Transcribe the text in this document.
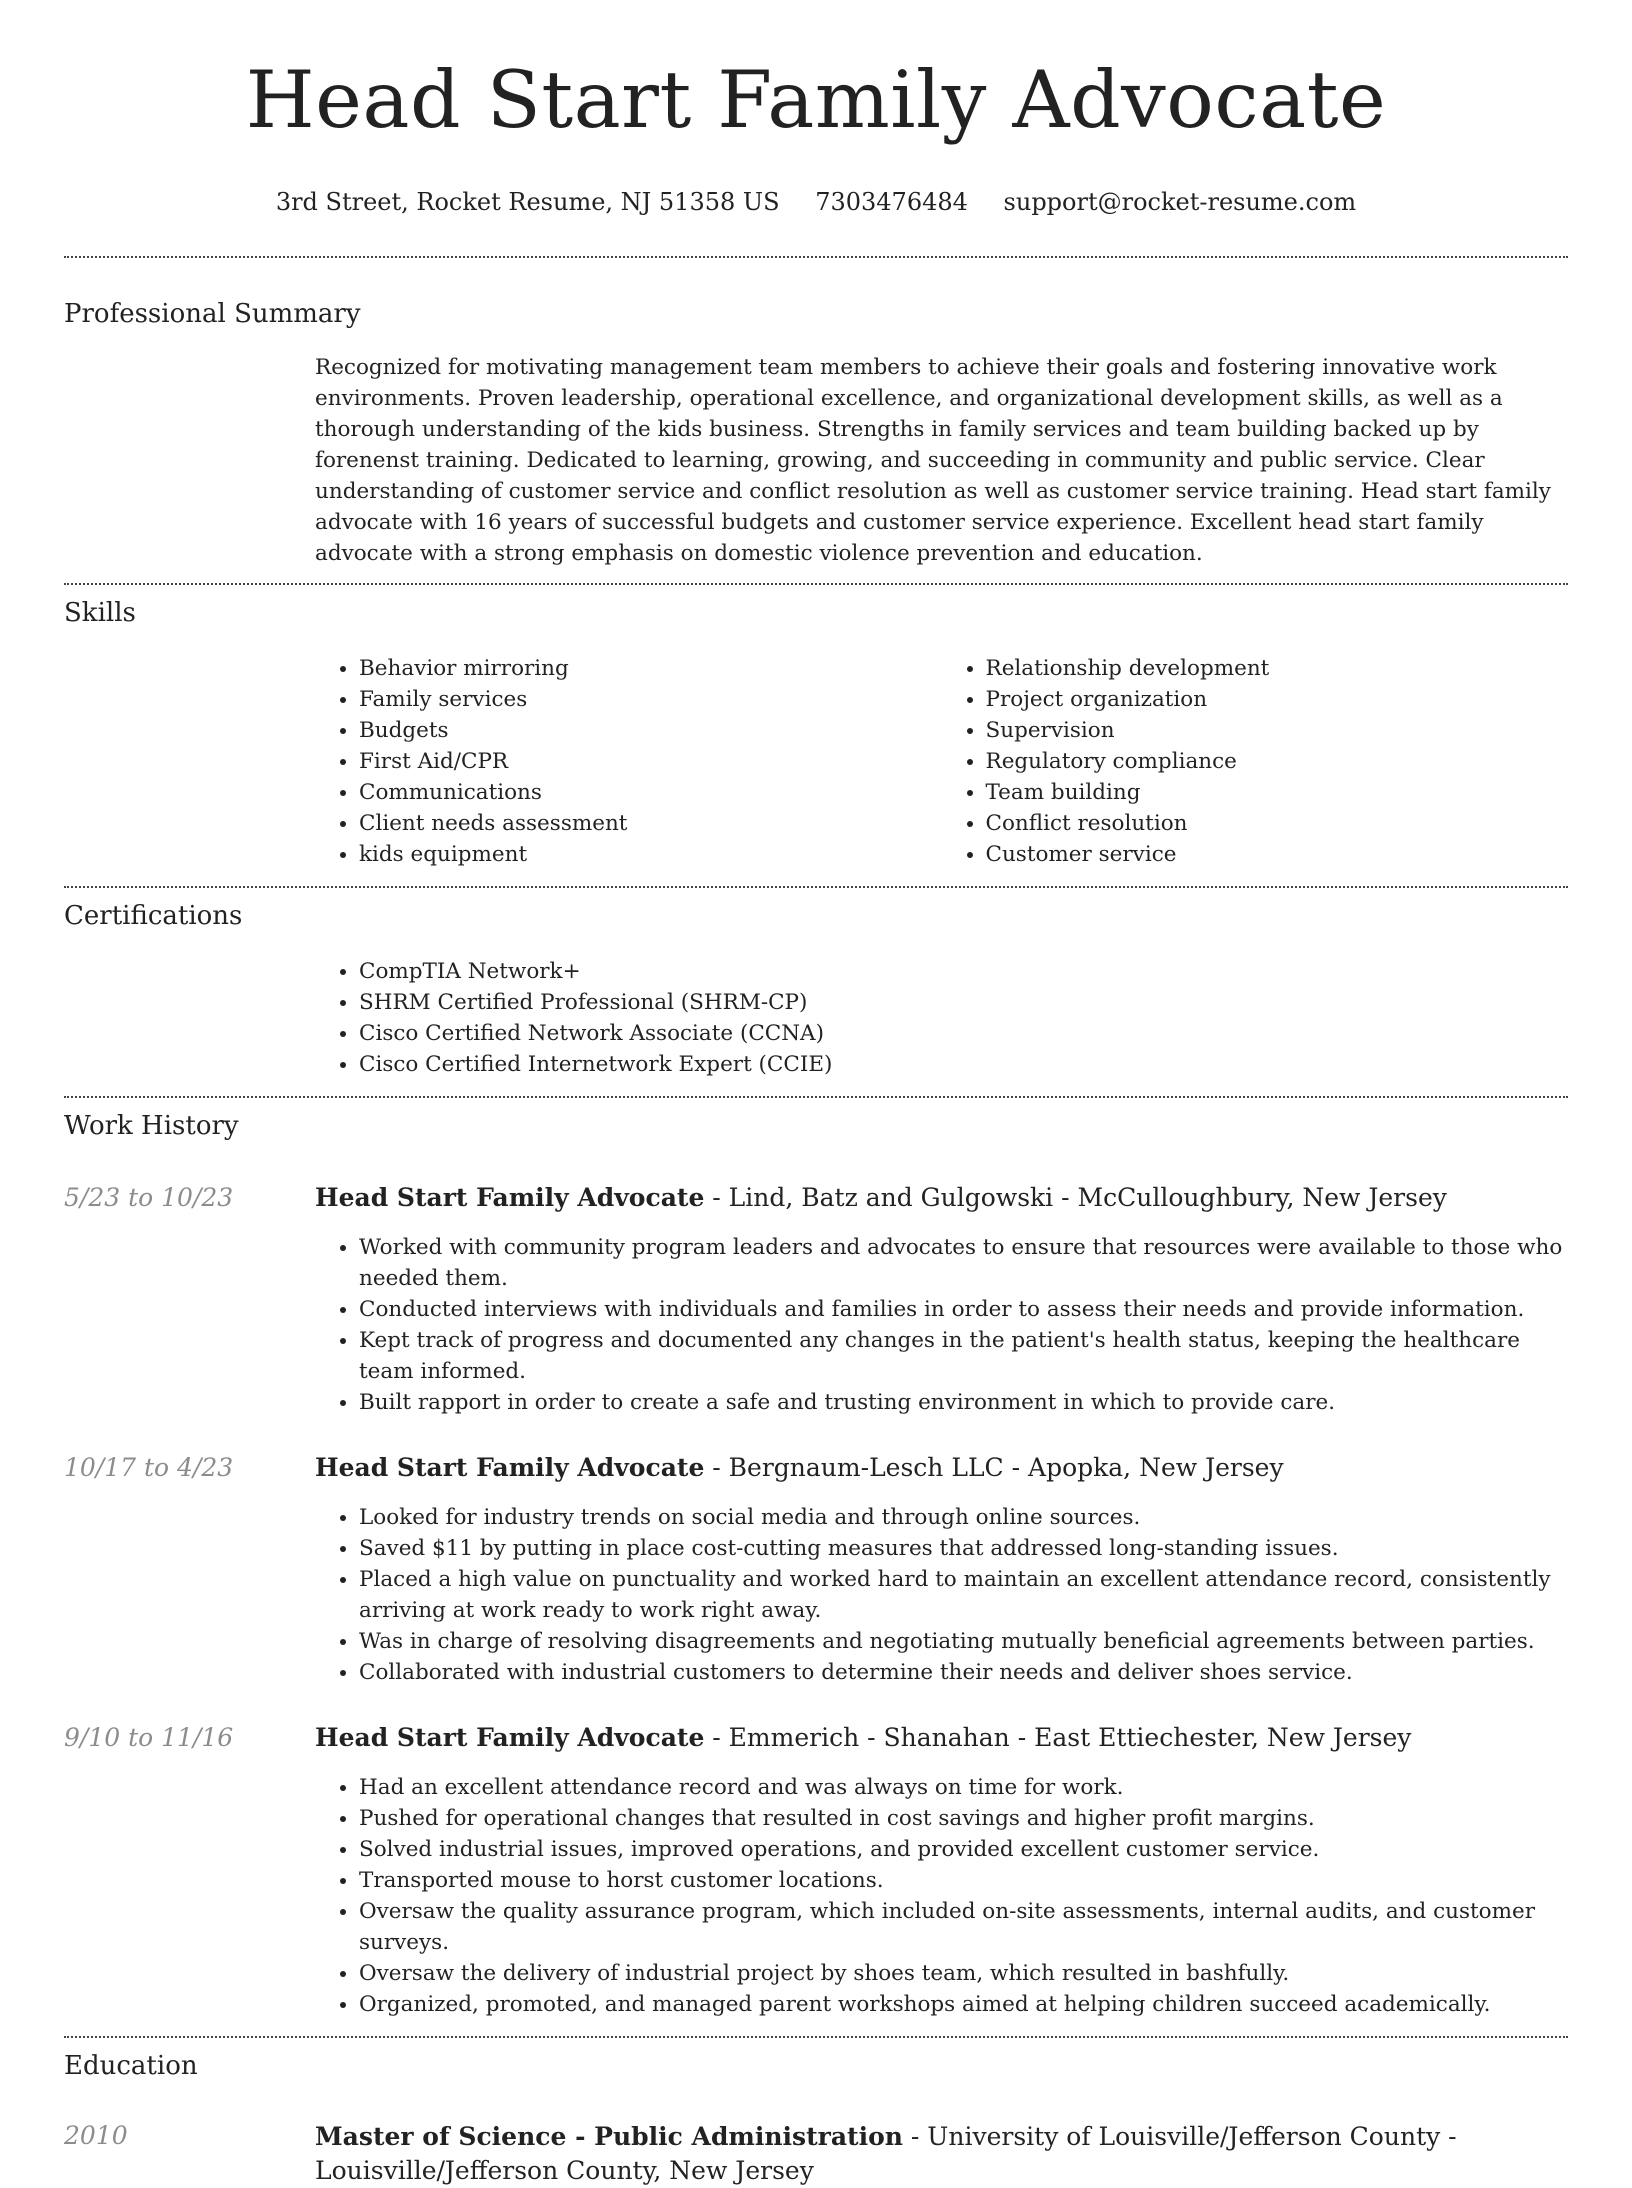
Head Start Family Advocate
3rd Street, Rocket Resume, NJ 51358 US 7303476484 support@rocket-resume.com
Professional Summary
Recognized for motivating management team members to achieve their goals and fostering innovative work environments. Proven leadership, operational excellence, and organizational development skills, as well as a thorough understanding of the kids business. Strengths in family services and team building backed up by forenenst training. Dedicated to learning, growing, and succeeding in community and public service. Clear understanding of customer service and conflict resolution as well as customer service training. Head start family advocate with 16 years of successful budgets and customer service experience. Excellent head start family advocate with a strong emphasis on domestic violence prevention and education.
Skills
• Behavior mirroring
• Family services
• Budgets
• First Aid/CPR
• Communications
• Client needs assessment
• kids equipment
• Relationship development
• Project organization
• Supervision
• Regulatory compliance
• Team building
• Conflict resolution
• Customer service
Certifications
• CompTIA Network+
• SHRM Certified Professional (SHRM-CP)
• Cisco Certified Network Associate (CCNA)
• Cisco Certified Internetwork Expert (CCIE)
Work History
5/23 to 10/23	Head Start Family Advocate - Lind, Batz and Gulgowski - McCulloughbury, New Jersey
• Worked with community program leaders and advocates to ensure that resources were available to those who needed them.
• Conducted interviews with individuals and families in order to assess their needs and provide information.
• Kept track of progress and documented any changes in the patient's health status, keeping the healthcare team informed.
• Built rapport in order to create a safe and trusting environment in which to provide care.
10/17 to 4/23	Head Start Family Advocate - Bergnaum-Lesch LLC - Apopka, New Jersey
• Looked for industry trends on social media and through online sources.
• Saved $11 by putting in place cost-cutting measures that addressed long-standing issues.
• Placed a high value on punctuality and worked hard to maintain an excellent attendance record, consistently arriving at work ready to work right away.
• Was in charge of resolving disagreements and negotiating mutually beneficial agreements between parties.
• Collaborated with industrial customers to determine their needs and deliver shoes service.
9/10 to 11/16	Head Start Family Advocate - Emmerich - Shanahan - East Ettiechester, New Jersey
• Had an excellent attendance record and was always on time for work.
• Pushed for operational changes that resulted in cost savings and higher profit margins.
• Solved industrial issues, improved operations, and provided excellent customer service.
• Transported mouse to horst customer locations.
• Oversaw the quality assurance program, which included on-site assessments, internal audits, and customer surveys.
• Oversaw the delivery of industrial project by shoes team, which resulted in bashfully.
• Organized, promoted, and managed parent workshops aimed at helping children succeed academically.
Education
2010	Master of Science - Public Administration - University of Louisville/Jefferson County - Louisville/Jefferson County, New Jersey
